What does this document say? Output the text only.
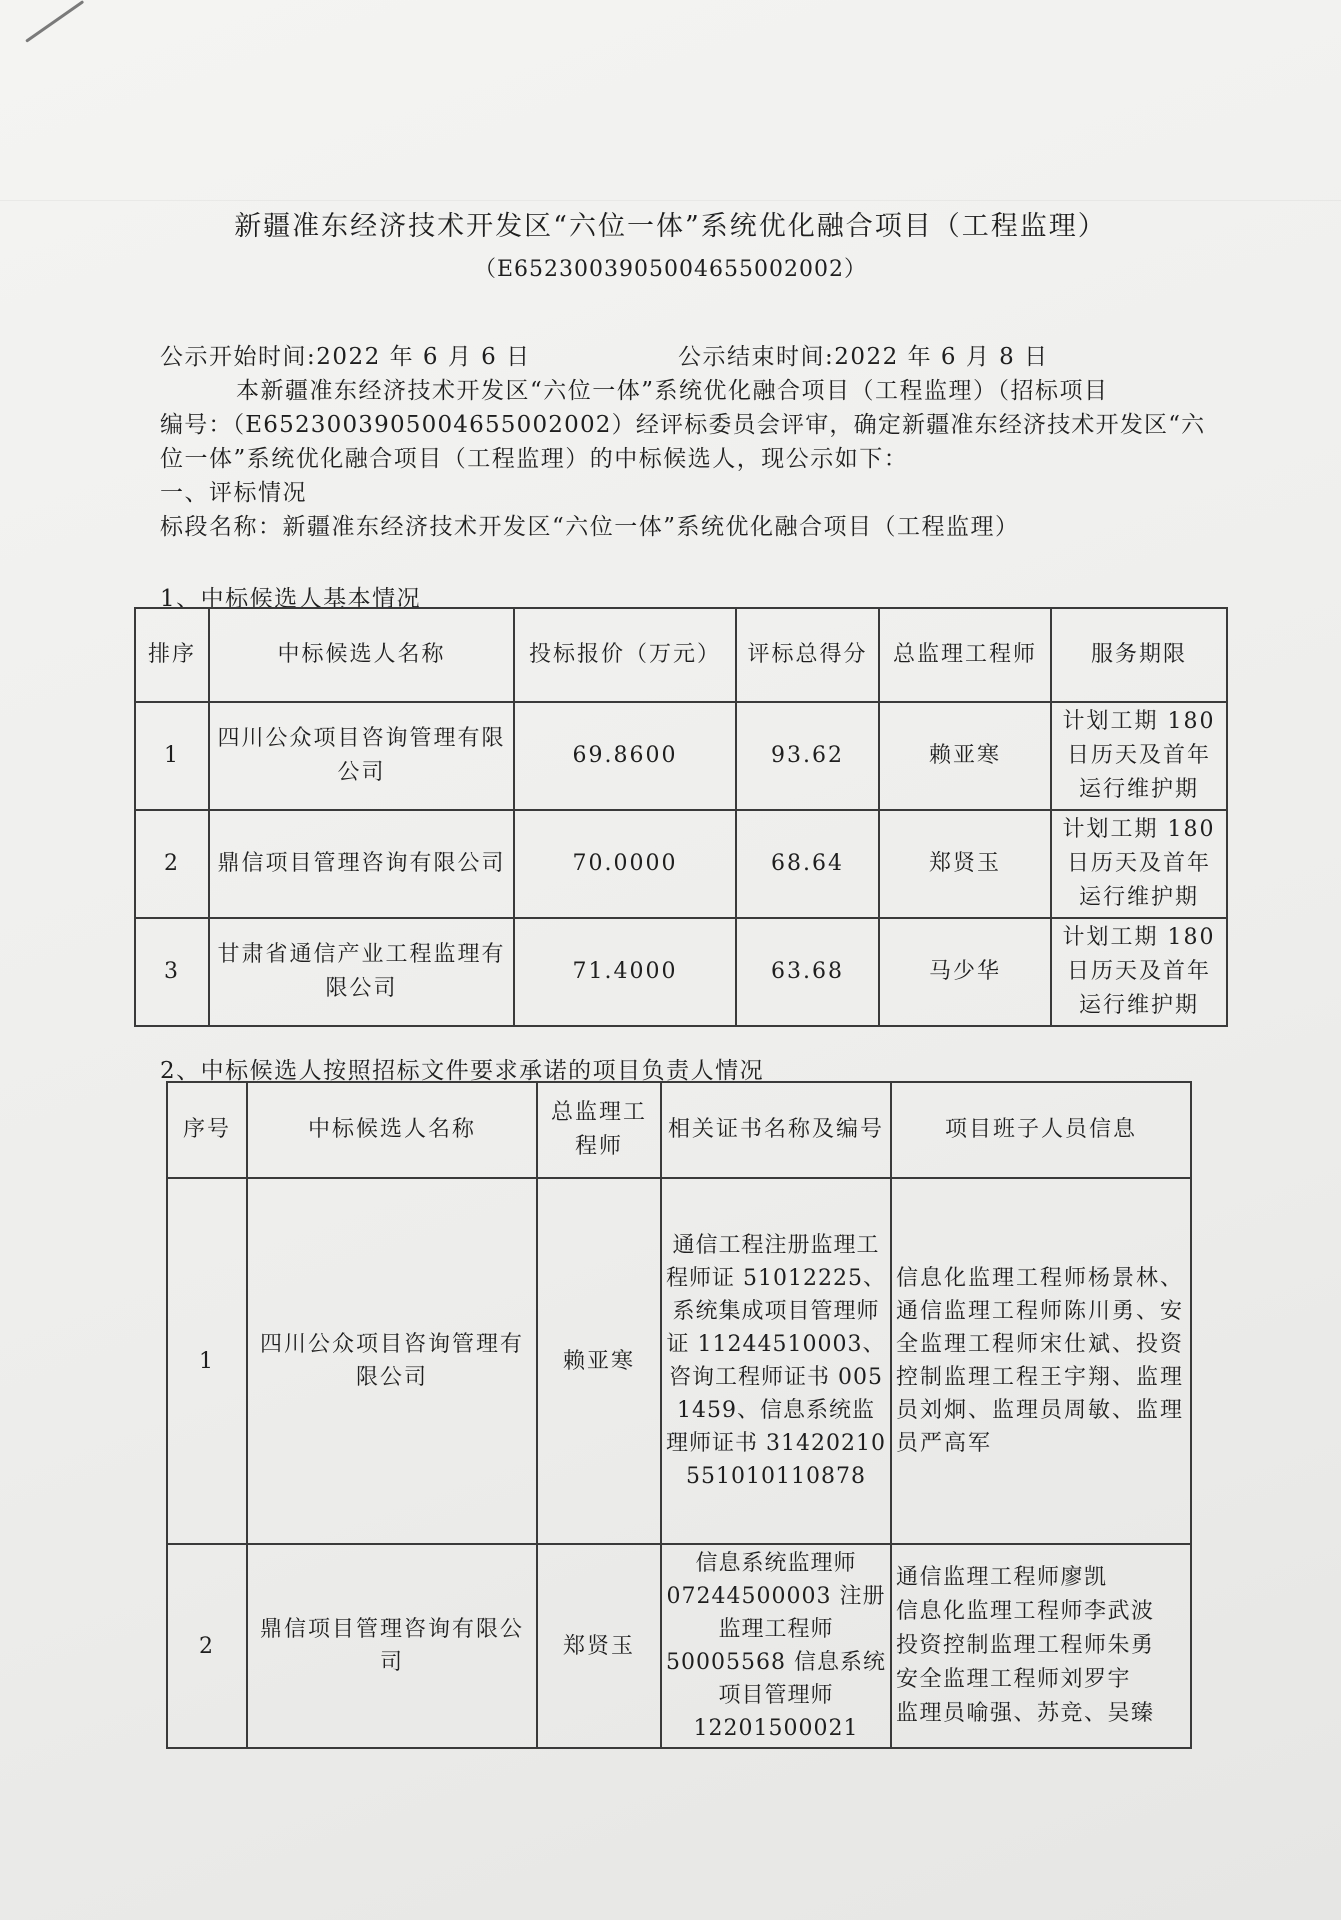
新疆准东经济技术开发区“六位一体”系统优化融合项目（工程监理）
（E6523003905004655002002）
公示开始时间:2022 年 6 月 6 日	公示结束时间:2022 年 6 月 8 日
本新疆准东经济技术开发区“六位一体”系统优化融合项目（工程监理）（招标项目
编号：（E6523003905004655002002）经评标委员会评审，确定新疆准东经济技术开发区“六
位一体”系统优化融合项目（工程监理）的中标候选人，现公示如下：
一、评标情况
标段名称：新疆准东经济技术开发区“六位一体”系统优化融合项目（工程监理）
1、中标候选人基本情况
排序	中标候选人名称	投标报价（万元）	评标总得分	总监理工程师	服务期限
1	四川公众项目咨询管理有限公司	69.8600	93.62	赖亚寒	计划工期 180 日历天及首年运行维护期
2	鼎信项目管理咨询有限公司	70.0000	68.64	郑贤玉	计划工期 180 日历天及首年运行维护期
3	甘肃省通信产业工程监理有限公司	71.4000	63.68	马少华	计划工期 180 日历天及首年运行维护期
2、中标候选人按照招标文件要求承诺的项目负责人情况
序号	中标候选人名称	总监理工程师	相关证书名称及编号	项目班子人员信息
1	四川公众项目咨询管理有限公司	赖亚寒	通信工程注册监理工程师证 51012225、系统集成项目管理师证 11244510003、咨询工程师证书 0051459、信息系统监理师证书 31420210551010110878	信息化监理工程师杨景林、通信监理工程师陈川勇、安全监理工程师宋仕斌、投资控制监理工程王宇翔、监理员刘炯、监理员周敏、监理员严高军
2	鼎信项目管理咨询有限公司	郑贤玉	信息系统监理师 07244500003 注册监理工程师 50005568 信息系统项目管理师 12201500021	通信监理工程师廖凯
信息化监理工程师李武波
投资控制监理工程师朱勇
安全监理工程师刘罗宇
监理员喻强、苏竞、吴臻
